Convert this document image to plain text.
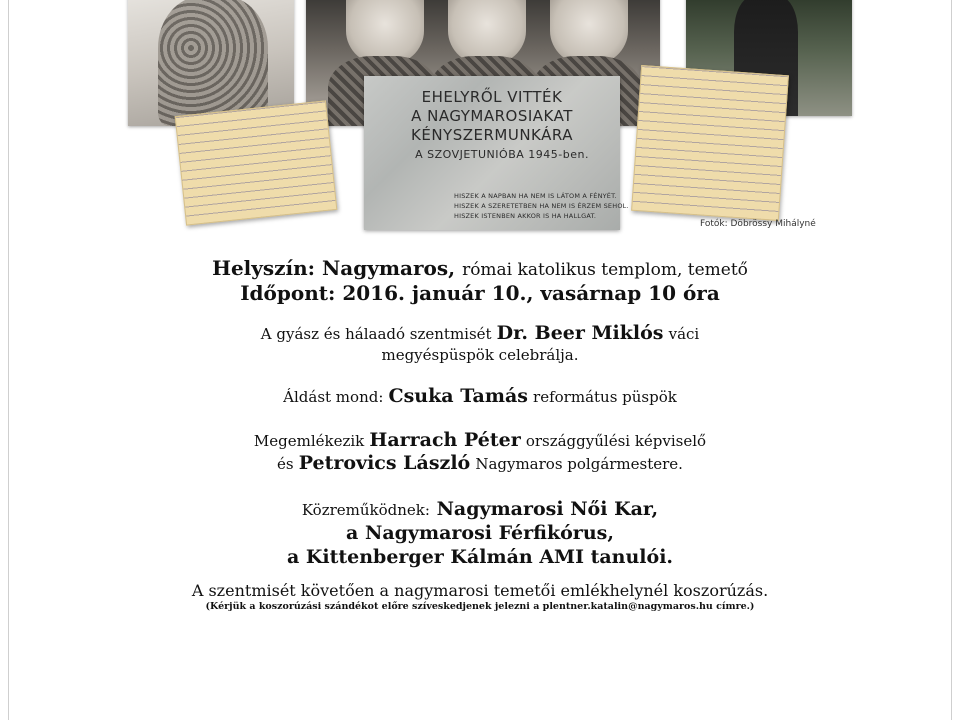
EHELYRŐL VITTÉK
A NAGYMAROSIAKAT
KÉNYSZERMUNKÁRA
A SZOVJETUNIÓBA 1945-ben.
HISZEK A NAPBAN HA NEM IS LÁTOM A FÉNYÉT.
HISZEK A SZERETETBEN HA NEM IS ÉRZEM SEHOL.
HISZEK ISTENBEN AKKOR IS HA HALLGAT.
Fotók: Döbrössy Mihályné
Helyszín: Nagymaros, római katolikus templom, temető
Időpont: 2016. január 10., vasárnap 10 óra
A gyász és hálaadó szentmisét Dr. Beer Miklós váci
megyéspüspök celebrálja.
Áldást mond: Csuka Tamás református püspök
Megemlékezik Harrach Péter országgyűlési képviselő
és Petrovics László Nagymaros polgármestere.
Közreműködnek: Nagymarosi Női Kar,
a Nagymarosi Férfikórus,
a Kittenberger Kálmán AMI tanulói.
A szentmisét követően a nagymarosi temetői emlékhelynél koszorúzás.
(Kérjük a koszorúzási szándékot előre szíveskedjenek jelezni a plentner.katalin@nagymaros.hu címre.)
